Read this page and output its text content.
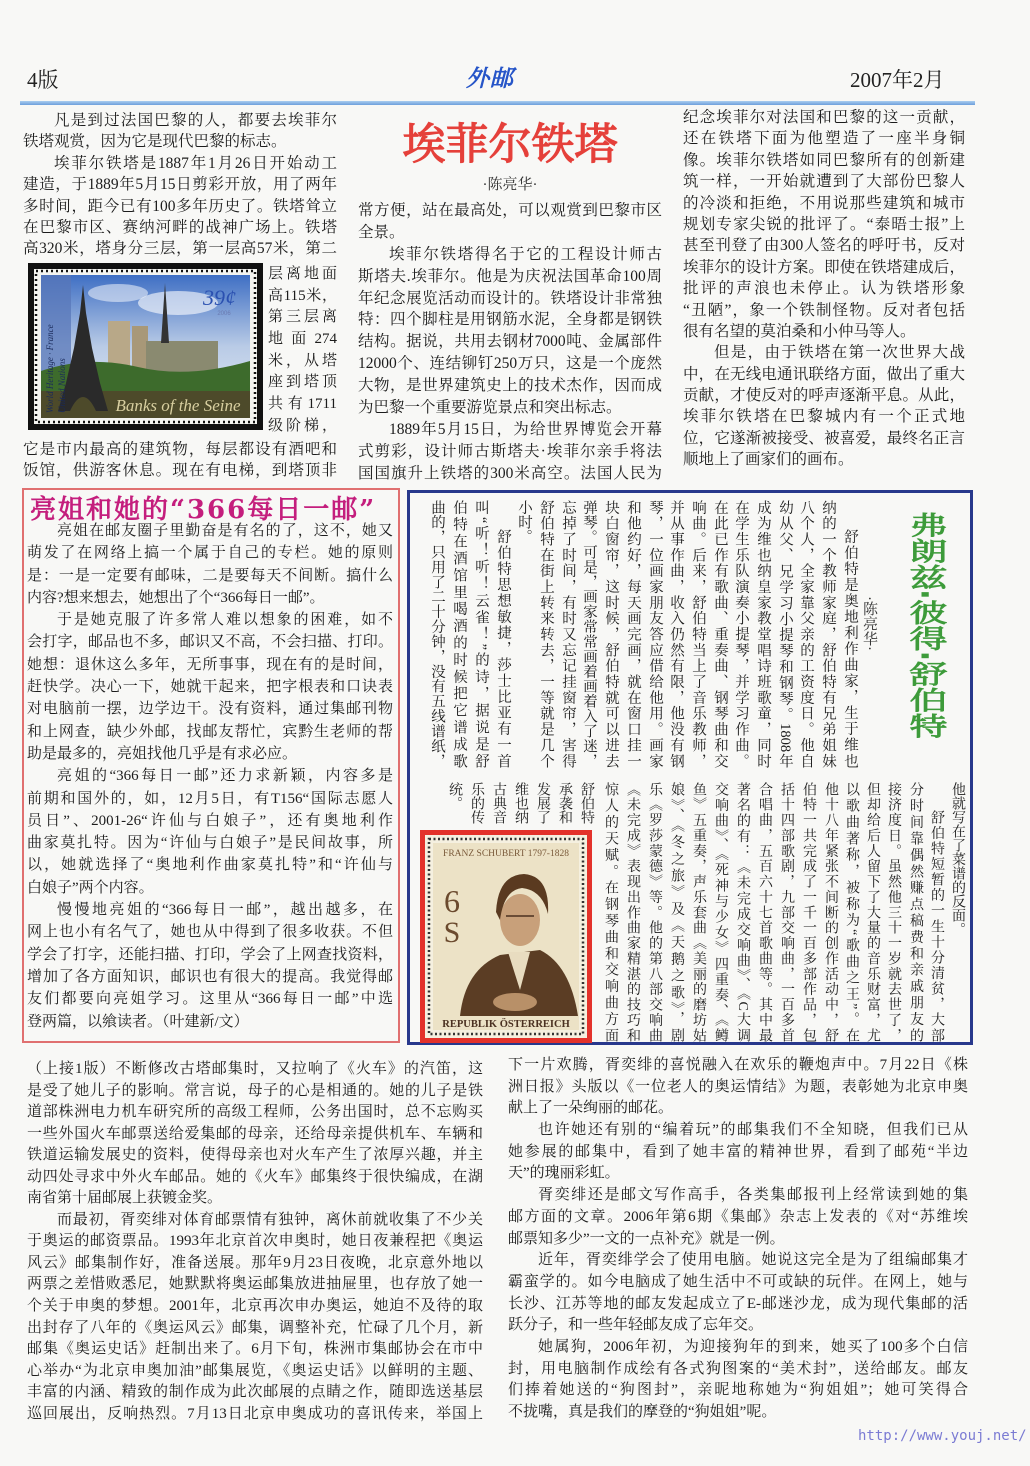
4版	外邮	2007年2月
凡是到过法国巴黎的人，都要去埃菲尔
铁塔观赏，因为它是现代巴黎的标志。
埃菲尔铁塔是1887年1月26日开始动工
建造，于1889年5月15日剪彩开放，用了两年
多时间，距今已有100多年历史了。铁塔耸立
在巴黎市区、赛纳河畔的战神广场上。铁塔
高320米，塔身分三层，第一层高57米，第二
39¢
2006
Banks of the Seine
World Heritage · France United Nations
层离地面
高115米，
第三层离
地面274
米，从塔
座到塔顶
共有1711
级阶梯，
它是市内最高的建筑物，每层都设有酒吧和
饭馆，供游客休息。现在有电梯，到塔顶非
埃菲尔铁塔
·陈亮华·
常方便，站在最高处，可以观赏到巴黎市区
全景。
埃菲尔铁塔得名于它的工程设计师古
斯塔夫.埃菲尔。他是为庆祝法国革命100周
年纪念展览活动而设计的。铁塔设计非常独
特：四个脚柱是用钢筋水泥，全身都是钢铁
结构。据说，共用去钢材7000吨、金属部件
12000个、连结铆钉250万只，这是一个庞然
大物，是世界建筑史上的技术杰作，因而成
为巴黎一个重要游览景点和突出标志。
1889年5月15日，为给世界博览会开幕
式剪彩，设计师古斯塔夫·埃菲尔亲手将法
国国旗升上铁塔的300米高空。法国人民为
纪念埃菲尔对法国和巴黎的这一贡献，
还在铁塔下面为他塑造了一座半身铜
像。埃菲尔铁塔如同巴黎所有的创新建
筑一样，一开始就遭到了大部份巴黎人
的冷淡和拒绝，不用说那些建筑和城市
规划专家尖锐的批评了。“泰晤士报”上
甚至刊登了由300人签名的呼吁书，反对
埃菲尔的设计方案。即使在铁塔建成后，
批评的声浪也未停止。认为铁塔形象
“丑陋”，象一个铁制怪物。反对者包括
很有名望的莫泊桑和小仲马等人。
但是，由于铁塔在第一次世界大战
中，在无线电通讯联络方面，做出了重大
贡献，才使反对的呼声逐渐平息。从此，
埃菲尔铁塔在巴黎城内有一个正式地
位，它遂渐被接受、被喜爱，最终名正言
顺地上了画家们的画布。
亮姐和她的“366每日一邮”
亮姐在邮友圈子里勤奋是有名的了，这不，她又
萌发了在网络上搞一个属于自己的专栏。她的原则
是：一是一定要有邮味，二是要每天不间断。搞什么
内容?想来想去，她想出了个“366每日一邮”。
于是她克服了许多常人难以想象的困难，如不
会打字，邮品也不多，邮识又不高，不会扫描、打印。
她想：退休这么多年，无所事事，现在有的是时间，
赶快学。决心一下，她就干起来，把字根表和口诀表
对电脑前一摆，边学边干。没有资料，通过集邮刊物
和上网查，缺少外邮，找邮友帮忙，宾黔生老师的帮
助是最多的，亮姐找他几乎是有求必应。
亮姐的“366每日一邮”还力求新颖，内容多是
前期和国外的，如，12月5日，有T156“国际志愿人
员日”、2001-26“许仙与白娘子”，还有奥地利作
曲家莫扎特。因为“许仙与白娘子”是民间故事，所
以，她就选择了“奥地利作曲家莫扎特”和“许仙与
白娘子”两个内容。
慢慢地亮姐的“366每日一邮”，越出越多，在
网上也小有名气了，她也从中得到了很多收获。不但
学会了打字，还能扫描、打印，学会了上网查找资料，
增加了各方面知识，邮识也有很大的提高。我觉得邮
友们都要向亮姐学习。这里从“366每日一邮”中选
登两篇，以飨读者。（叶建新/文）
弗朗兹·彼得·舒伯特
·陈亮华·
舒伯特是奥地利作曲家，生于维也
纳的一个教师家庭，舒伯特有兄弟姐妹
八个人，全家靠父亲的工资度日。他自
幼从父、兄学习小提琴和钢琴。1808年
成为维也纳皇家教堂唱诗班歌童，同时
在学生乐队演奏小提琴，并学习作曲。
在此已作有歌曲、重奏曲、钢琴曲和交
响曲。后来，舒伯特当上了音乐教师，
并从事作曲，收入仍然有限，他没有钢
琴，一位画家朋友答应借给他用。画家
和他约好，每天画完画，就在窗口挂一
块白窗帘，这时候，舒伯特就可以进去
弹琴。可是，画家常常画着画着入了迷，
忘掉了时间，有时又忘记挂窗帘，害得
舒伯特在街上转来转去，一等就是几个
小时。
舒伯特思想敏捷，莎士比亚有一首
叫“听！听！云雀！”的诗，据说是舒
伯特在酒馆里喝酒的时候把它谱成歌
曲的，只用了二十分钟，没有五线谱纸，
他就写在了菜谱的反面。
舒伯特短暂的一生十分清贫，大部
分时间靠偶然赚点稿费和亲戚朋友的
接济度日。虽然他三十一岁就去世了，
但却给后人留下了大量的音乐财富，尤
以歌曲著称，被称为“歌曲之王”。在
他十八年紧张不间断的创作活动中，舒
伯特一共完成了一千一百多部作品，包
括十四部歌剧，九部交响曲，一百多首
合唱曲，五百六十七首歌曲等。其中最
著名的有：《未完成交响曲》、《C大调
交响曲》、《死神与少女》四重奏、《鳟
鱼》五重奏，声乐套曲《美丽的磨坊姑
娘》、《冬之旅》及《天鹅之歌》，剧
乐《罗莎蒙德》等。他的第八部交响曲
《未完成》表现出作曲家精湛的技巧和
惊人的天赋。在钢琴曲和交响曲方面
舒伯特
承袭和
发展了
维也纳
古典音
乐的传
统。
FRANZ SCHUBERT 1797-1828
6
S
REPUBLIK ÖSTERREICH
（上接1版）不断修改古塔邮集时，又拉响了《火车》的汽笛，这
是受了她儿子的影响。常言说，母子的心是相通的。她的儿子是铁
道部株洲电力机车研究所的高级工程师，公务出国时，总不忘购买
一些外国火车邮票送给爱集邮的母亲，还给母亲提供机车、车辆和
铁道运输发展史的资料，使得母亲也对火车产生了浓厚兴趣，并主
动四处寻求中外火车邮品。她的《火车》邮集终于很快编成，在湖
南省第十届邮展上获镀金奖。
而最初，胥奕绯对体育邮票情有独钟，离休前就收集了不少关
于奥运的邮资票品。1993年北京首次申奥时，她日夜兼程把《奥运
风云》邮集制作好，准备送展。那年9月23日夜晚，北京意外地以
两票之差惜败悉尼，她默默将奥运邮集放进抽屉里，也存放了她一
个关于申奥的梦想。2001年，北京再次申办奥运，她迫不及待的取
出封存了八年的《奥运风云》邮集，调整补充，忙碌了几个月，新
邮集《奥运史话》赶制出来了。6月下旬，株洲市集邮协会在市中
心举办“为北京申奥加油”邮集展览，《奥运史话》以鲜明的主题、
丰富的内涵、精致的制作成为此次邮展的点睛之作，随即选送基层
巡回展出，反响热烈。7月13日北京申奥成功的喜讯传来，举国上
下一片欢腾，胥奕绯的喜悦融入在欢乐的鞭炮声中。7月22日《株
洲日报》头版以《一位老人的奥运情结》为题，表彰她为北京申奥
献上了一朵绚丽的邮花。
也许她还有别的“编着玩”的邮集我们不全知晓，但我们已从
她参展的邮集中，看到了她丰富的精神世界，看到了邮苑“半边
天”的瑰丽彩虹。
胥奕绯还是邮文写作高手，各类集邮报刊上经常读到她的集
邮方面的文章。2006年第6期《集邮》杂志上发表的《对“苏维埃
邮票知多少”一文的一点补充》就是一例。
近年，胥奕绯学会了使用电脑。她说这完全是为了组编邮集才
霸蛮学的。如今电脑成了她生活中不可或缺的玩伴。在网上，她与
长沙、江苏等地的邮友发起成立了E-邮迷沙龙，成为现代集邮的活
跃分子，和一些年轻邮友成了忘年交。
她属狗，2006年初，为迎接狗年的到来，她买了100多个白信
封，用电脑制作成绘有各式狗图案的“美术封”，送给邮友。邮友
们捧着她送的“狗图封”，亲昵地称她为“狗姐姐”；她可笑得合
不拢嘴，真是我们的摩登的“狗姐姐”呢。
http://www.youj.net/
